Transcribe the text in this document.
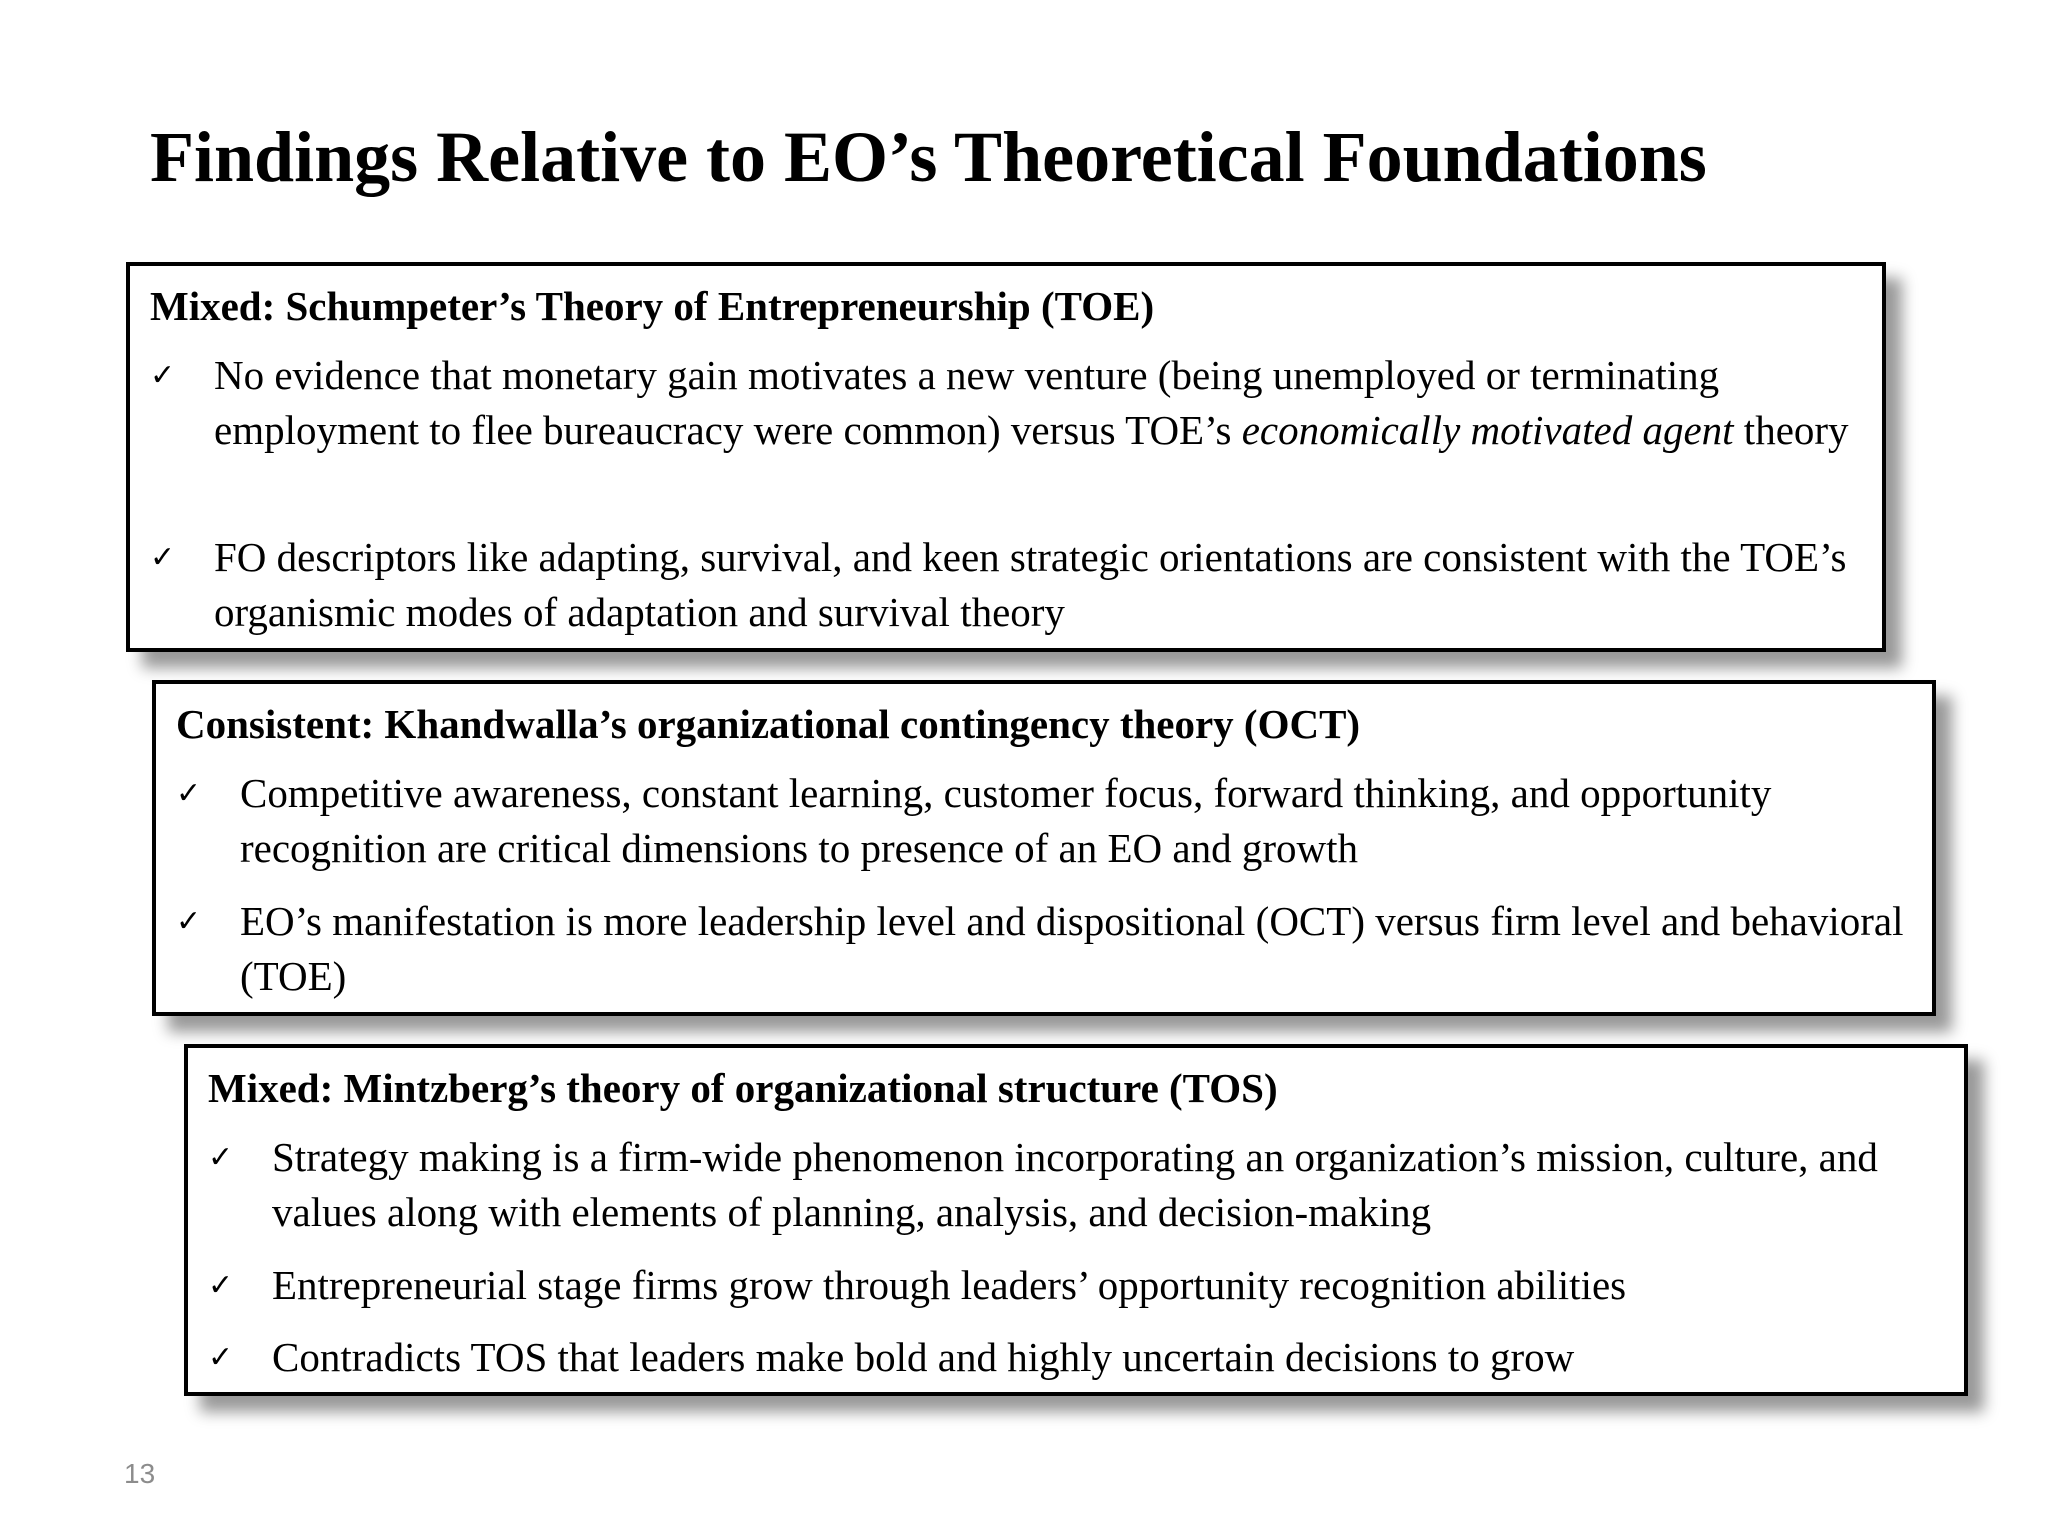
Findings Relative to EO’s Theoretical Foundations
Mixed: Schumpeter’s Theory of Entrepreneurship (TOE)
✓ No evidence that monetary gain motivates a new venture (being unemployed or terminating employment to flee bureaucracy were common) versus TOE’s economically motivated agent theory
✓ FO descriptors like adapting, survival, and keen strategic orientations are consistent with the TOE’s organismic modes of adaptation and survival theory
Consistent: Khandwalla’s organizational contingency theory (OCT)
✓ Competitive awareness, constant learning, customer focus, forward thinking, and opportunity recognition are critical dimensions to presence of an EO and growth
✓ EO’s manifestation is more leadership level and dispositional (OCT) versus firm level and behavioral (TOE)
Mixed: Mintzberg’s theory of organizational structure (TOS)
✓ Strategy making is a firm-wide phenomenon incorporating an organization’s mission, culture, and values along with elements of planning, analysis, and decision-making
✓ Entrepreneurial stage firms grow through leaders’ opportunity recognition abilities
✓ Contradicts TOS that leaders make bold and highly uncertain decisions to grow
13
